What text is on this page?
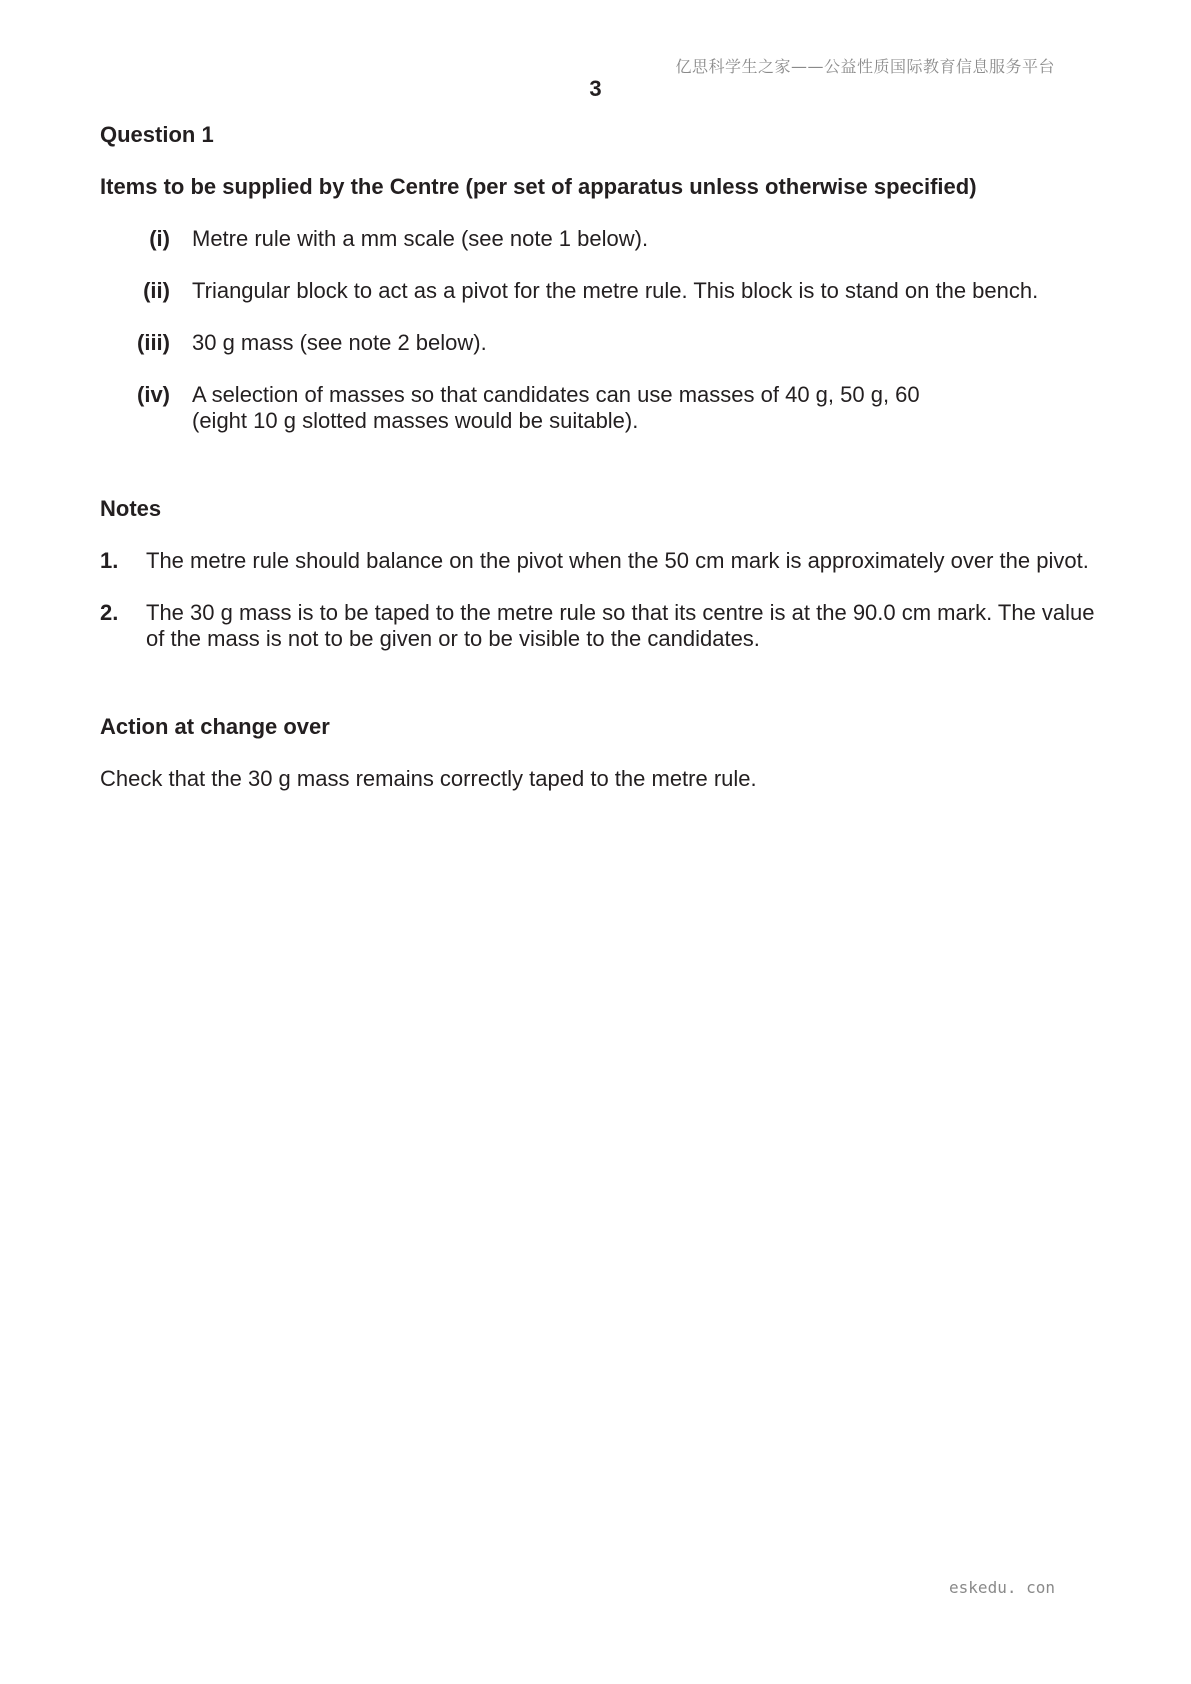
亿思科学生之家——公益性质国际教育信息服务平台
3
Question 1
Items to be supplied by the Centre (per set of apparatus unless otherwise specified)
(i)	Metre rule with a mm scale (see note 1 below).
(ii)	Triangular block to act as a pivot for the metre rule. This block is to stand on the bench.
(iii)	30 g mass (see note 2 below).
(iv)	A selection of masses so that candidates can use masses of 40 g, 50 g, 60
(eight 10 g slotted masses would be suitable).
Notes
1.	The metre rule should balance on the pivot when the 50 cm mark is approximately over the pivot.
2.	The 30 g mass is to be taped to the metre rule so that its centre is at the 90.0 cm mark. The value of the mass is not to be given or to be visible to the candidates.
Action at change over

Check that the 30 g mass remains correctly taped to the metre rule.

eskedu. con
